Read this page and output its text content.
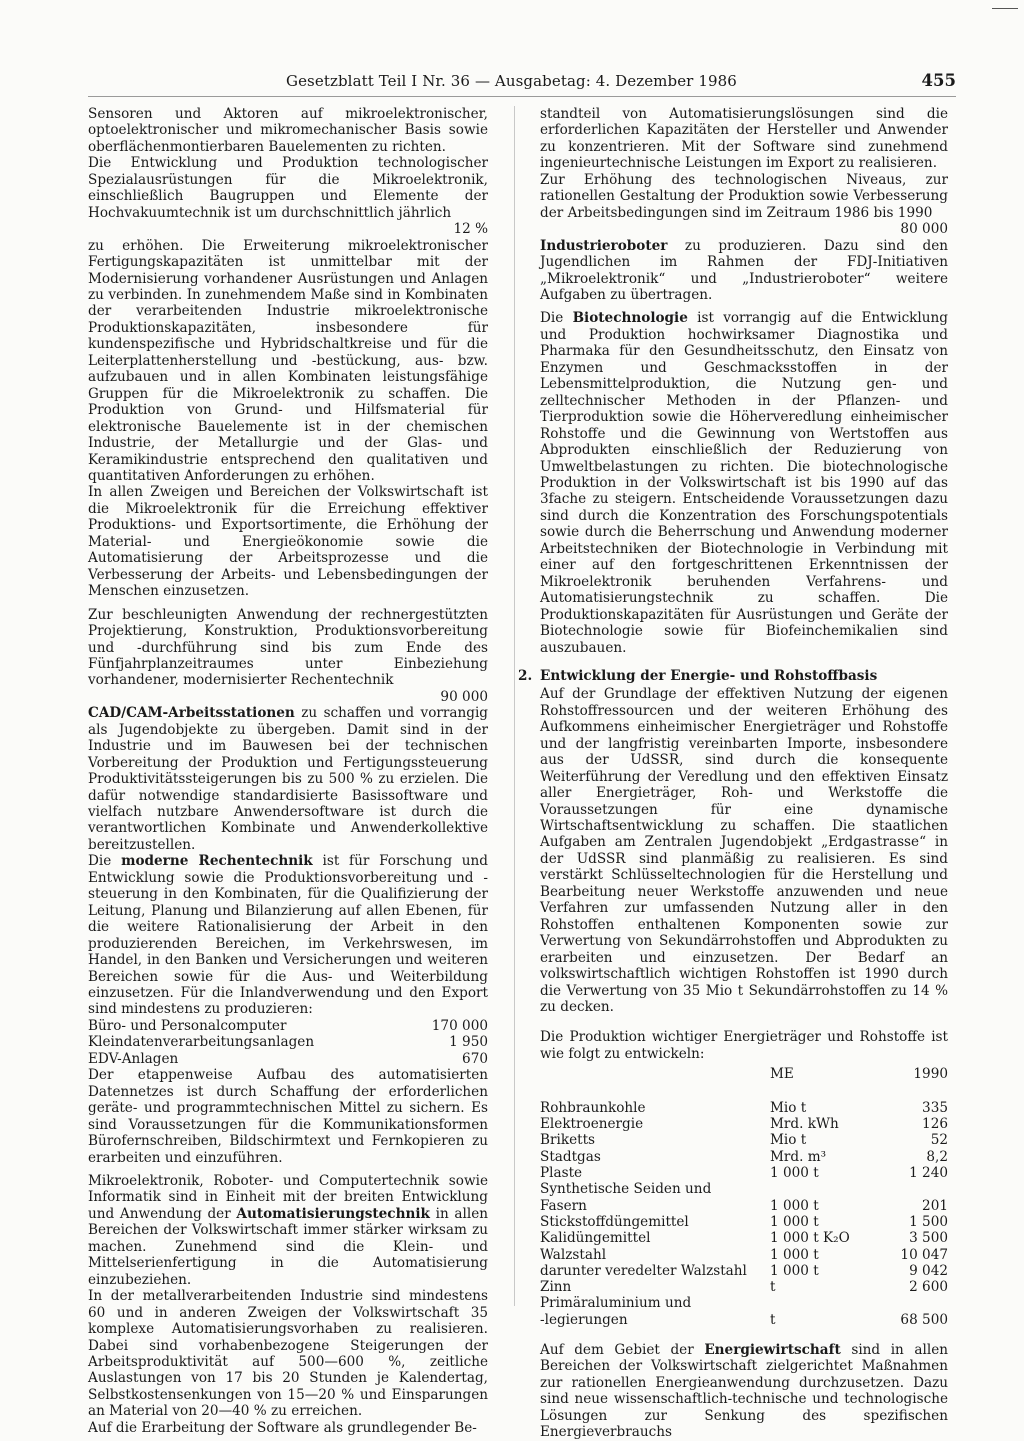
Gesetzblatt Teil I Nr. 36 — Ausgabetag: 4. Dezember 1986	455

Sensoren und Aktoren auf mikroelektronischer, optoelektronischer und mikromechanischer Basis sowie oberflächenmontierbaren Bauelementen zu richten.

Die Entwicklung und Produktion technologischer Spezialausrüstungen für die Mikroelektronik, einschließlich Baugruppen und Elemente der Hochvakuumtechnik ist um durchschnittlich jährlich

12 %

zu erhöhen. Die Erweiterung mikroelektronischer Fertigungskapazitäten ist unmittelbar mit der Modernisierung vorhandener Ausrüstungen und Anlagen zu verbinden. In zunehmendem Maße sind in Kombinaten der verarbeitenden Industrie mikroelektronische Produktionskapazitäten, insbesondere für kundenspezifische und Hybridschaltkreise und für die Leiterplattenherstellung und -bestückung, aus- bzw. aufzubauen und in allen Kombinaten leistungsfähige Gruppen für die Mikroelektronik zu schaffen. Die Produktion von Grund- und Hilfsmaterial für elektronische Bauelemente ist in der chemischen Industrie, der Metallurgie und der Glas- und Keramikindustrie entsprechend den qualitativen und quantitativen Anforderungen zu erhöhen.

In allen Zweigen und Bereichen der Volkswirtschaft ist die Mikroelektronik für die Erreichung effektiver Produktions- und Exportsortimente, die Erhöhung der Material- und Energieökonomie sowie die Automatisierung der Arbeitsprozesse und die Verbesserung der Arbeits- und Lebensbedingungen der Menschen einzusetzen.

Zur beschleunigten Anwendung der rechnergestützten Projektierung, Konstruktion, Produktionsvorbereitung und -durchführung sind bis zum Ende des Fünfjahrplanzeitraumes unter Einbeziehung vorhandener, modernisierter Rechentechnik

90 000

CAD/CAM-Arbeitsstationen zu schaffen und vorrangig als Jugendobjekte zu übergeben. Damit sind in der Industrie und im Bauwesen bei der technischen Vorbereitung der Produktion und Fertigungssteuerung Produktivitätssteigerungen bis zu 500 % zu erzielen. Die dafür notwendige standardisierte Basissoftware und vielfach nutzbare Anwendersoftware ist durch die verantwortlichen Kombinate und Anwenderkollektive bereitzustellen.

Die moderne Rechentechnik ist für Forschung und Entwicklung sowie die Produktionsvorbereitung und -steuerung in den Kombinaten, für die Qualifizierung der Leitung, Planung und Bilanzierung auf allen Ebenen, für die weitere Rationalisierung der Arbeit in den produzierenden Bereichen, im Verkehrswesen, im Handel, in den Banken und Versicherungen und weiteren Bereichen sowie für die Aus- und Weiterbildung einzusetzen. Für die Inlandverwendung und den Export sind mindestens zu produzieren:

Büro- und Personalcomputer	170 000
Kleindatenverarbeitungsanlagen	1 950
EDV-Anlagen	670

Der etappenweise Aufbau des automatisierten Datennetzes ist durch Schaffung der erforderlichen geräte- und programmtechnischen Mittel zu sichern. Es sind Voraussetzungen für die Kommunikationsformen Bürofernschreiben, Bildschirmtext und Fernkopieren zu erarbeiten und einzuführen.

Mikroelektronik, Roboter- und Computertechnik sowie Informatik sind in Einheit mit der breiten Entwicklung und Anwendung der Automatisierungstechnik in allen Bereichen der Volkswirtschaft immer stärker wirksam zu machen. Zunehmend sind die Klein- und Mittelserienfertigung in die Automatisierung einzubeziehen.

In der metallverarbeitenden Industrie sind mindestens 60 und in anderen Zweigen der Volkswirtschaft 35 komplexe Automatisierungsvorhaben zu realisieren. Dabei sind vorhabenbezogene Steigerungen der Arbeitsproduktivität auf 500—600 %, zeitliche Auslastungen von 17 bis 20 Stunden je Kalendertag, Selbstkostensenkungen von 15—20 % und Einsparungen an Material von 20—40 % zu erreichen.

Auf die Erarbeitung der Software als grundlegender Be-

standteil von Automatisierungslösungen sind die erforderlichen Kapazitäten der Hersteller und Anwender zu konzentrieren. Mit der Software sind zunehmend ingenieurtechnische Leistungen im Export zu realisieren.

Zur Erhöhung des technologischen Niveaus, zur rationellen Gestaltung der Produktion sowie Verbesserung der Arbeitsbedingungen sind im Zeitraum 1986 bis 1990

80 000

Industrieroboter zu produzieren. Dazu sind den Jugendlichen im Rahmen der FDJ-Initiativen „Mikroelektronik“ und „Industrieroboter“ weitere Aufgaben zu übertragen.

Die Biotechnologie ist vorrangig auf die Entwicklung und Produktion hochwirksamer Diagnostika und Pharmaka für den Gesundheitsschutz, den Einsatz von Enzymen und Geschmacksstoffen in der Lebensmittelproduktion, die Nutzung gen- und zelltechnischer Methoden in der Pflanzen- und Tierproduktion sowie die Höherveredlung einheimischer Rohstoffe und die Gewinnung von Wertstoffen aus Abprodukten einschließlich der Reduzierung von Umweltbelastungen zu richten. Die biotechnologische Produktion in der Volkswirtschaft ist bis 1990 auf das 3fache zu steigern. Entscheidende Voraussetzungen dazu sind durch die Konzentration des Forschungspotentials sowie durch die Beherrschung und Anwendung moderner Arbeitstechniken der Biotechnologie in Verbindung mit einer auf den fortgeschrittenen Erkenntnissen der Mikroelektronik beruhenden Verfahrens- und Automatisierungstechnik zu schaffen. Die Produktionskapazitäten für Ausrüstungen und Geräte der Biotechnologie sowie für Biofeinchemikalien sind auszubauen.

2. Entwicklung der Energie- und Rohstoffbasis

Auf der Grundlage der effektiven Nutzung der eigenen Rohstoffressourcen und der weiteren Erhöhung des Aufkommens einheimischer Energieträger und Rohstoffe und der langfristig vereinbarten Importe, insbesondere aus der UdSSR, sind durch die konsequente Weiterführung der Veredlung und den effektiven Einsatz aller Energieträger, Roh- und Werkstoffe die Voraussetzungen für eine dynamische Wirtschaftsentwicklung zu schaffen. Die staatlichen Aufgaben am Zentralen Jugendobjekt „Erdgastrasse“ in der UdSSR sind planmäßig zu realisieren. Es sind verstärkt Schlüsseltechnologien für die Herstellung und Bearbeitung neuer Werkstoffe anzuwenden und neue Verfahren zur umfassenden Nutzung aller in den Rohstoffen enthaltenen Komponenten sowie zur Verwertung von Sekundärrohstoffen und Abprodukten zu erarbeiten und einzusetzen. Der Bedarf an volkswirtschaftlich wichtigen Rohstoffen ist 1990 durch die Verwertung von 35 Mio t Sekundärrohstoffen zu 14 % zu decken.

Die Produktion wichtiger Energieträger und Rohstoffe ist wie folgt zu entwickeln:

	ME	1990
Rohbraunkohle	Mio t	335
Elektroenergie	Mrd. kWh	126
Briketts	Mio t	52
Stadtgas	Mrd. m³	8,2
Plaste	1 000 t	1 240
Synthetische Seiden und		
Fasern	1 000 t	201
Stickstoffdüngemittel	1 000 t	1 500
Kalidüngemittel	1 000 t K₂O	3 500
Walzstahl	1 000 t	10 047
darunter veredelter Walzstahl	1 000 t	9 042
Zinn	t	2 600
Primäraluminium und		
-legierungen	t	68 500

Auf dem Gebiet der Energiewirtschaft sind in allen Bereichen der Volkswirtschaft zielgerichtet Maßnahmen zur rationellen Energieanwendung durchzusetzen. Dazu sind neue wissenschaftlich-technische und technologische Lösungen zur Senkung des spezifischen Energieverbrauchs
